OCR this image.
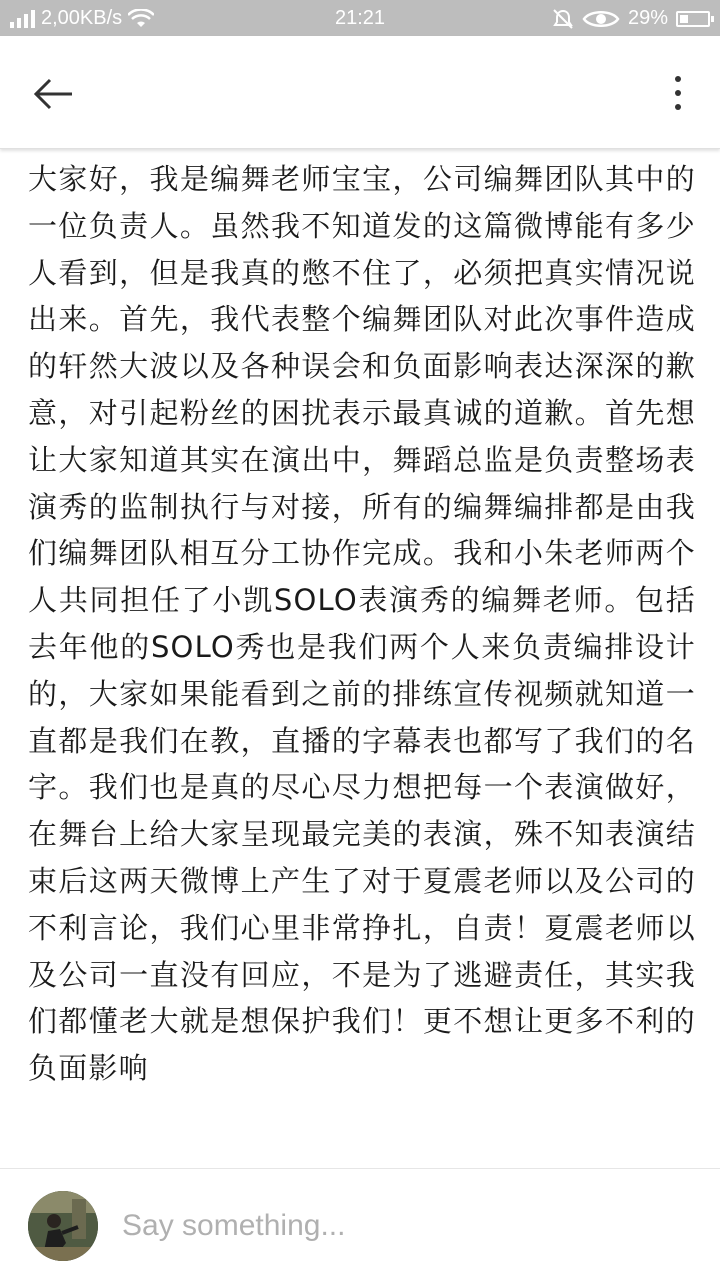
2,00KB/s	21:21	29%

大家好，我是编舞老师宝宝，公司编舞团队其中的一位负责人。虽然我不知道发的这篇微博能有多少人看到，但是我真的憋不住了，必须把真实情况说出来。首先，我代表整个编舞团队对此次事件造成的轩然大波以及各种误会和负面影响表达深深的歉意，对引起粉丝的困扰表示最真诚的道歉。首先想让大家知道其实在演出中，舞蹈总监是负责整场表演秀的监制执行与对接，所有的编舞编排都是由我们编舞团队相互分工协作完成。我和小朱老师两个人共同担任了小凯SOLO表演秀的编舞老师。包括去年他的SOLO秀也是我们两个人来负责编排设计的，大家如果能看到之前的排练宣传视频就知道一直都是我们在教，直播的字幕表也都写了我们的名字。我们也是真的尽心尽力想把每一个表演做好，在舞台上给大家呈现最完美的表演，殊不知表演结束后这两天微博上产生了对于夏震老师以及公司的不利言论，我们心里非常挣扎，自责！夏震老师以及公司一直没有回应，不是为了逃避责任，其实我们都懂老大就是想保护我们！更不想让更多不利的负面影响

Say something...
